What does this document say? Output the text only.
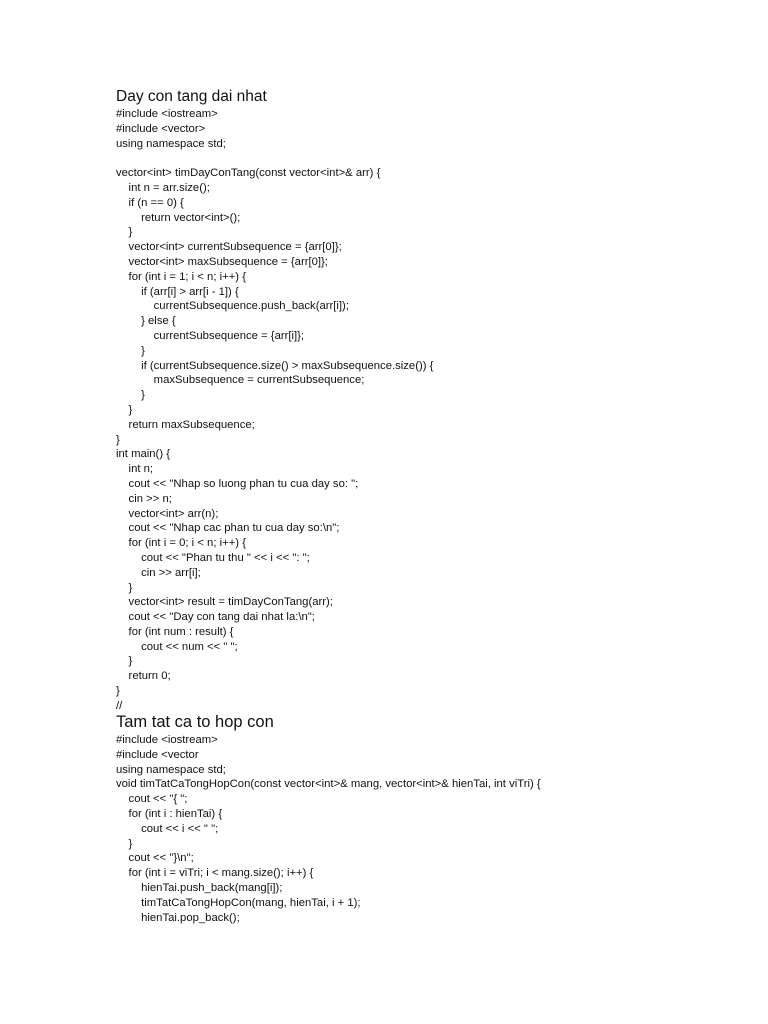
Day con tang dai nhat
#include <iostream>
#include <vector>
using namespace std;
vector<int> timDayConTang(const vector<int>& arr) {
int n = arr.size();
if (n == 0) {
return vector<int>();
}
vector<int> currentSubsequence = {arr[0]};
vector<int> maxSubsequence = {arr[0]};
for (int i = 1; i < n; i++) {
if (arr[i] > arr[i - 1]) {
currentSubsequence.push_back(arr[i]);
} else {
currentSubsequence = {arr[i]};
}
if (currentSubsequence.size() > maxSubsequence.size()) {
maxSubsequence = currentSubsequence;
}
}
return maxSubsequence;
}
int main() {
int n;
cout << "Nhap so luong phan tu cua day so: ";
cin >> n;
vector<int> arr(n);
cout << "Nhap cac phan tu cua day so:\n";
for (int i = 0; i < n; i++) {
cout << "Phan tu thu " << i << ": ";
cin >> arr[i];
}
vector<int> result = timDayConTang(arr);
cout << "Day con tang dai nhat la:\n";
for (int num : result) {
cout << num << " ";
}
return 0;
}
//
Tam tat ca to hop con
#include <iostream>
#include <vector
using namespace std;
void timTatCaTongHopCon(const vector<int>& mang, vector<int>& hienTai, int viTri) {
cout << "{ ";
for (int i : hienTai) {
cout << i << " ";
}
cout << "}\n";
for (int i = viTri; i < mang.size(); i++) {
hienTai.push_back(mang[i]);
timTatCaTongHopCon(mang, hienTai, i + 1);
hienTai.pop_back();
